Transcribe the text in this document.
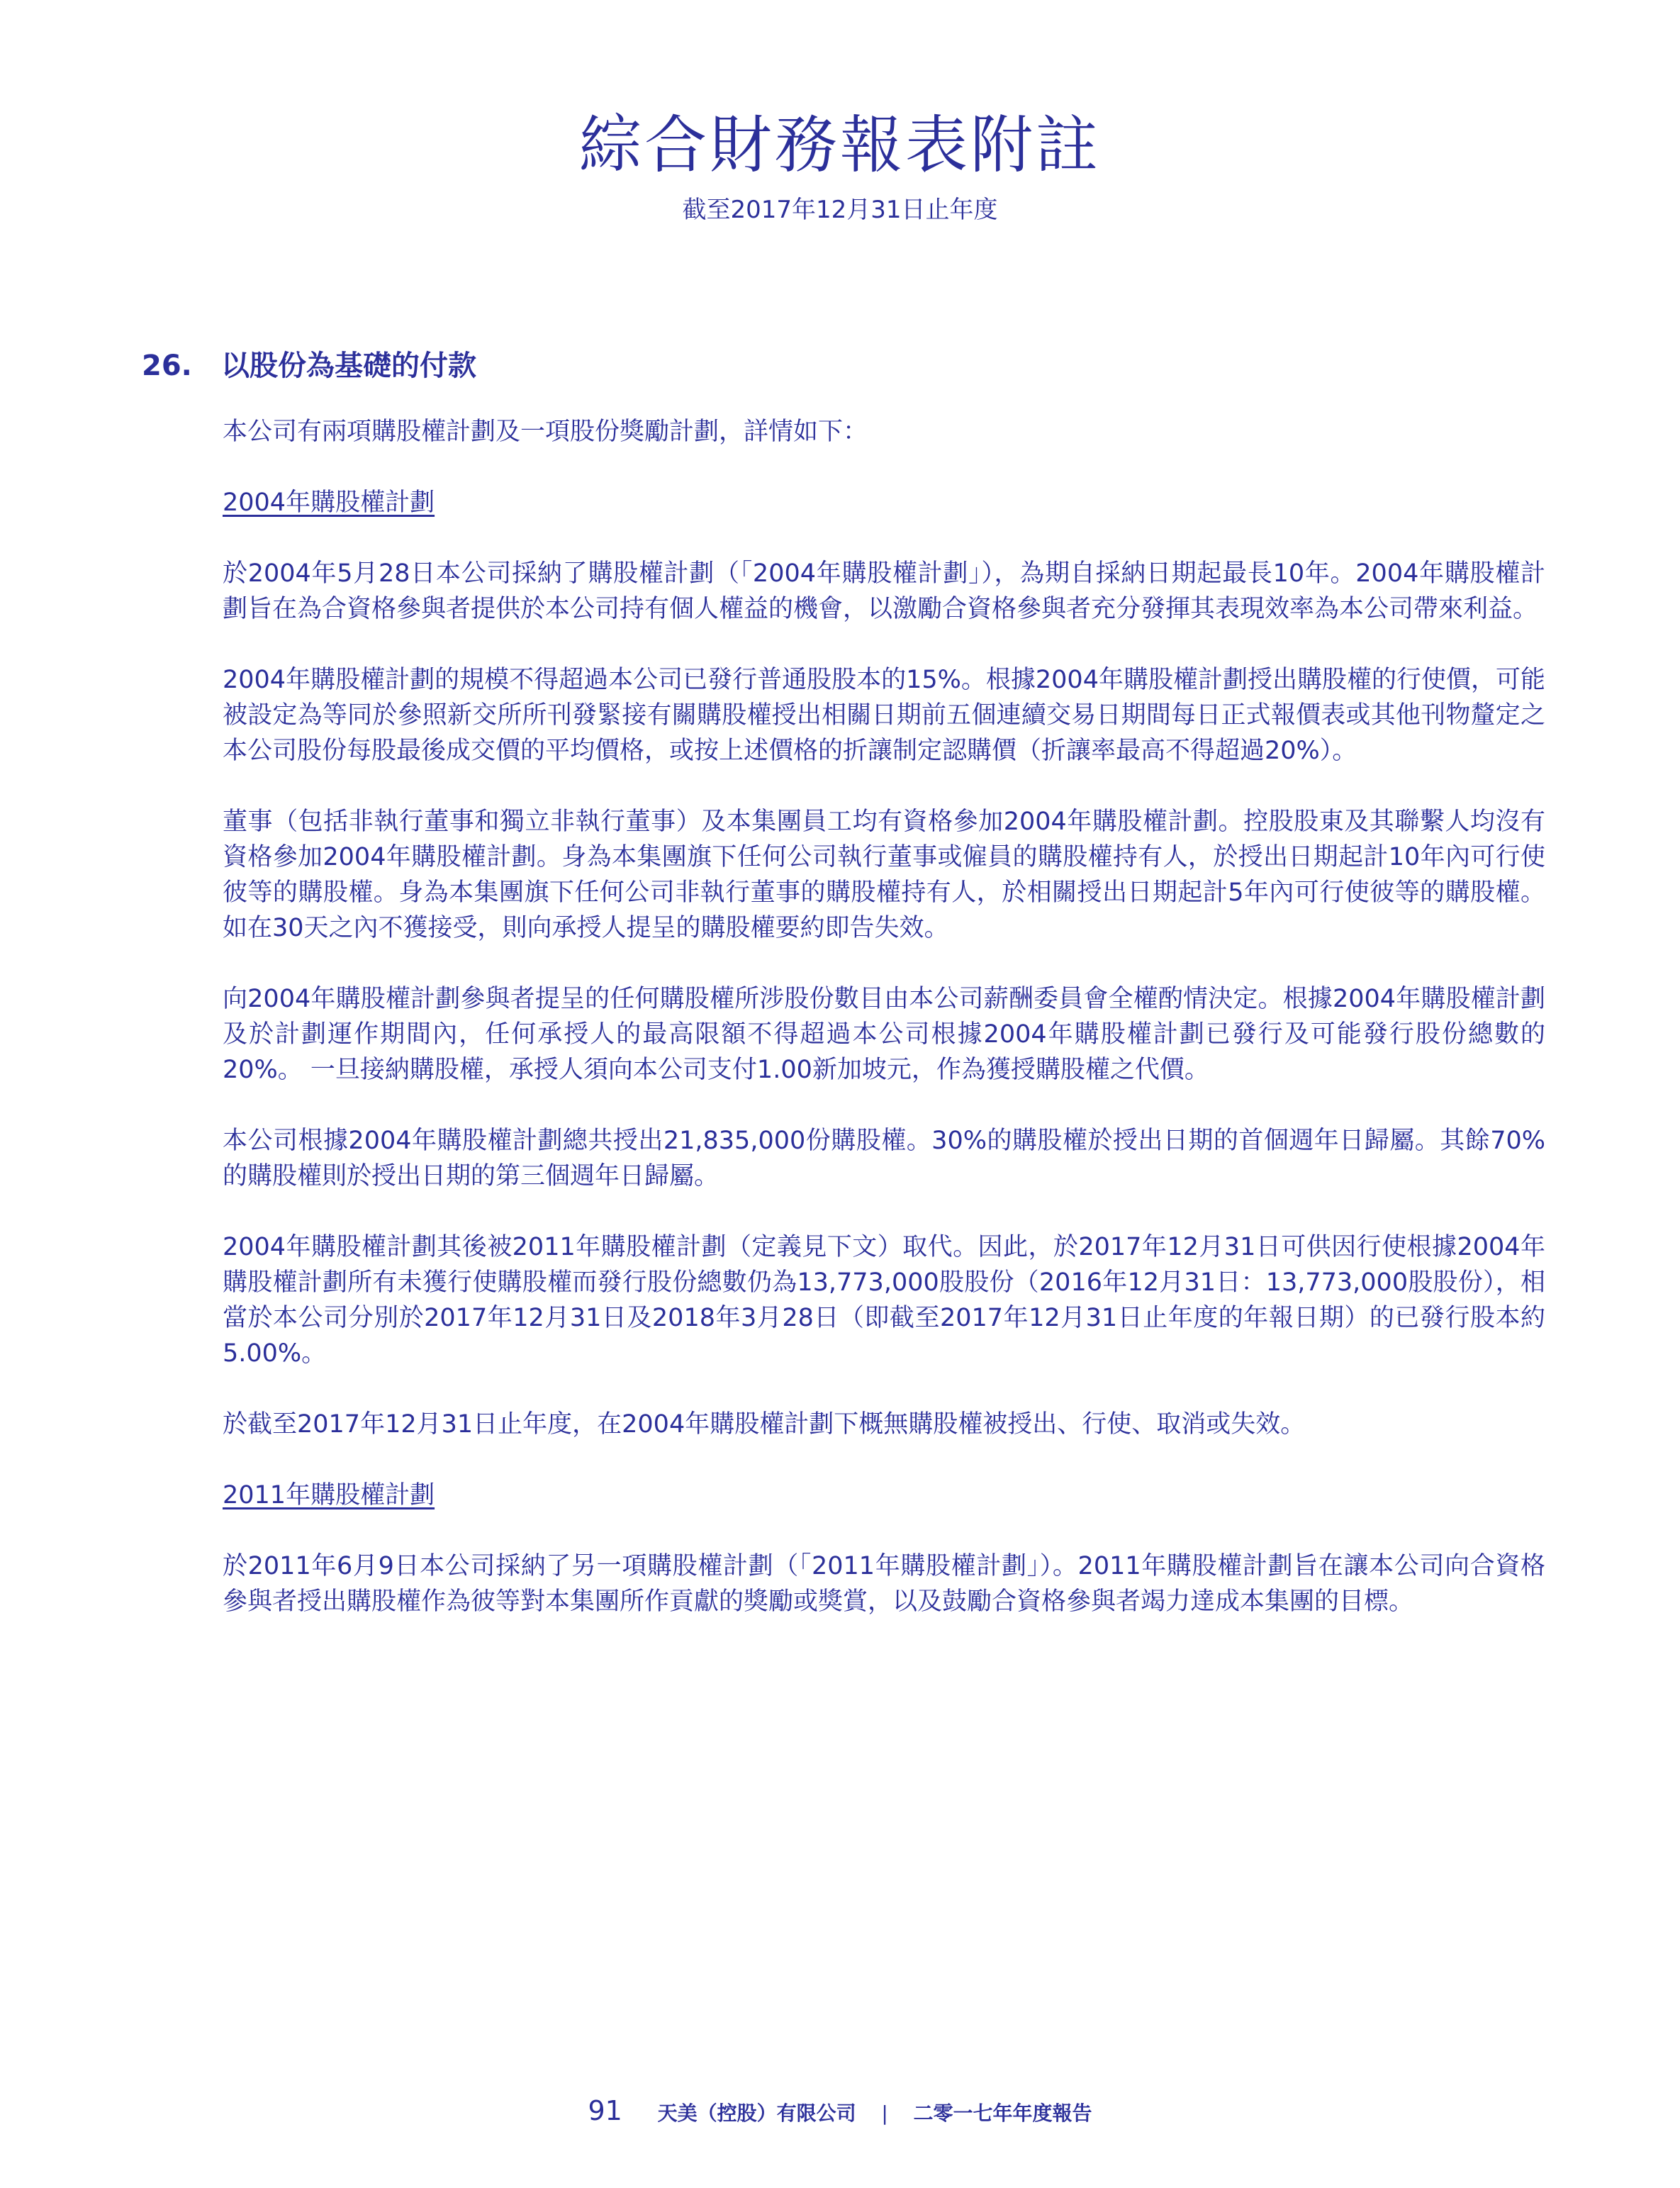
綜合財務報表附註
截至2017年12月31日止年度
26.	以股份為基礎的付款

本公司有兩項購股權計劃及一項股份獎勵計劃，詳情如下：

2004年購股權計劃

於2004年5月28日本公司採納了購股權計劃（「2004年購股權計劃」），為期自採納日期起最長10年。2004年購股權計劃旨在為合資格參與者提供於本公司持有個人權益的機會，以激勵合資格參與者充分發揮其表現效率為本公司帶來利益。

2004年購股權計劃的規模不得超過本公司已發行普通股股本的15%。根據2004年購股權計劃授出購股權的行使價，可能被設定為等同於參照新交所所刊發緊接有關購股權授出相關日期前五個連續交易日期間每日正式報價表或其他刊物釐定之本公司股份每股最後成交價的平均價格，或按上述價格的折讓制定認購價（折讓率最高不得超過20%）。

董事（包括非執行董事和獨立非執行董事）及本集團員工均有資格參加2004年購股權計劃。控股股東及其聯繫人均沒有資格參加2004年購股權計劃。身為本集團旗下任何公司執行董事或僱員的購股權持有人，於授出日期起計10年內可行使彼等的購股權。身為本集團旗下任何公司非執行董事的購股權持有人，於相關授出日期起計5年內可行使彼等的購股權。如在30天之內不獲接受，則向承授人提呈的購股權要約即告失效。

向2004年購股權計劃參與者提呈的任何購股權所涉股份數目由本公司薪酬委員會全權酌情決定。根據2004年購股權計劃及於計劃運作期間內，任何承授人的最高限額不得超過本公司根據2004年購股權計劃已發行及可能發行股份總數的20%。 一旦接納購股權，承授人須向本公司支付1.00新加坡元，作為獲授購股權之代價。

本公司根據2004年購股權計劃總共授出21,835,000份購股權。30%的購股權於授出日期的首個週年日歸屬。其餘70%的購股權則於授出日期的第三個週年日歸屬。

2004年購股權計劃其後被2011年購股權計劃（定義見下文）取代。因此，於2017年12月31日可供因行使根據2004年購股權計劃所有未獲行使購股權而發行股份總數仍為13,773,000股股份（2016年12月31日：13,773,000股股份），相當於本公司分別於2017年12月31日及2018年3月28日（即截至2017年12月31日止年度的年報日期）的已發行股本約5.00%。

於截至2017年12月31日止年度，在2004年購股權計劃下概無購股權被授出、行使、取消或失效。

2011年購股權計劃

於2011年6月9日本公司採納了另一項購股權計劃（「2011年購股權計劃」）。2011年購股權計劃旨在讓本公司向合資格參與者授出購股權作為彼等對本集團所作貢獻的獎勵或獎賞，以及鼓勵合資格參與者竭力達成本集團的目標。

91 天美（控股）有限公司 | 二零一七年年度報告
